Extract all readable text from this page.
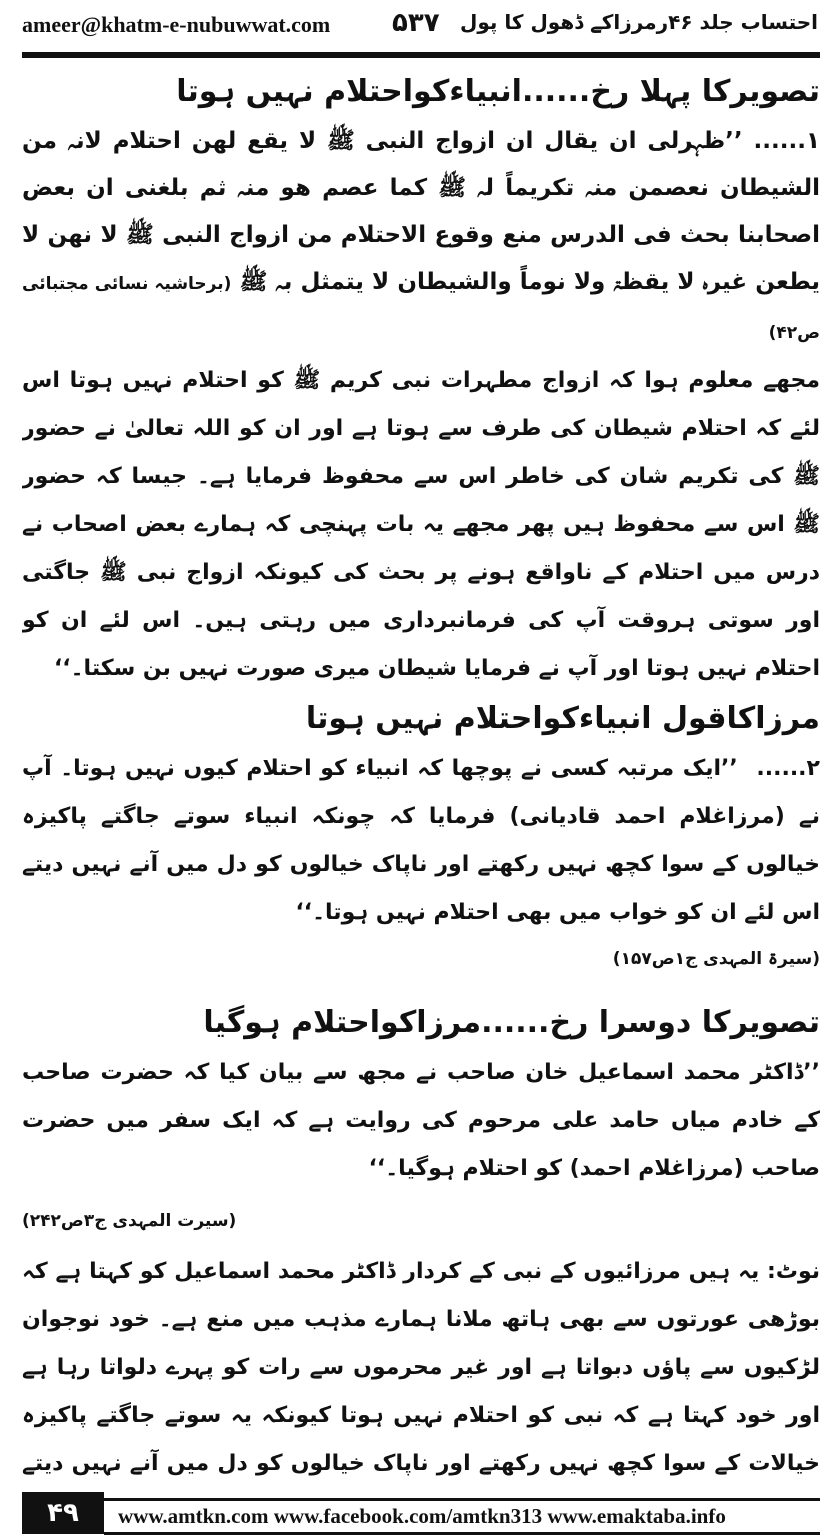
ameer@khatm-e-nubuwwat.com ۵۳۷ احتساب جلد ۴۶رمرزاکے ڈھول کا پول
تصویرکا پہلا رخ......انبیاءکواحتلام نہیں ہوتا

۱...... ’’ظہرلی ان یقال ان ازواج النبی ﷺ لا یقع لھن احتلام لانہ من الشیطان نعصمن منہ تکریماً لہ ﷺ کما عصم ھو منہ ثم بلغنی ان بعض اصحابنا بحث فی الدرس منع وقوع الاحتلام من ازواج النبی ﷺ لا نھن لا یطعن غیرہ لا یقظۃ ولا نوماً والشیطان لا یتمثل بہ ﷺ (برحاشیہ نسائی مجتبائی ص۴۲)

مجھے معلوم ہوا کہ ازواج مطہرات نبی کریم ﷺ کو احتلام نہیں ہوتا اس لئے کہ احتلام شیطان کی طرف سے ہوتا ہے اور ان کو اللہ تعالیٰ نے حضور ﷺ کی تکریم شان کی خاطر اس سے محفوظ فرمایا ہے۔ جیسا کہ حضور ﷺ اس سے محفوظ ہیں پھر مجھے یہ بات پہنچی کہ ہمارے بعض اصحاب نے درس میں احتلام کے ناواقع ہونے پر بحث کی کیونکہ ازواج نبی ﷺ جاگتی اور سوتی ہروقت آپ کی فرمانبرداری میں رہتی ہیں۔ اس لئے ان کو احتلام نہیں ہوتا اور آپ نے فرمایا شیطان میری صورت نہیں بن سکتا۔‘‘

مرزاکاقول انبیاءکواحتلام نہیں ہوتا

۲...... ’’ایک مرتبہ کسی نے پوچھا کہ انبیاء کو احتلام کیوں نہیں ہوتا۔ آپ نے (مرزاغلام احمد قادیانی) فرمایا کہ چونکہ انبیاء سوتے جاگتے پاکیزہ خیالوں کے سوا کچھ نہیں رکھتے اور ناپاک خیالوں کو دل میں آنے نہیں دیتے اس لئے ان کو خواب میں بھی احتلام نہیں ہوتا۔‘‘

(سیرۃ المہدی ج۱ص۱۵۷)

تصویرکا دوسرا رخ......مرزاکواحتلام ہوگیا

’’ڈاکٹر محمد اسماعیل خان صاحب نے مجھ سے بیان کیا کہ حضرت صاحب کے خادم میاں حامد علی مرحوم کی روایت ہے کہ ایک سفر میں حضرت صاحب (مرزاغلام احمد) کو احتلام ہوگیا۔‘‘

(سیرت المہدی ج۳ص۲۴۲)

نوٹ: یہ ہیں مرزائیوں کے نبی کے کردار ڈاکٹر محمد اسماعیل کو کہتا ہے کہ بوڑھی عورتوں سے بھی ہاتھ ملانا ہمارے مذہب میں منع ہے۔ خود نوجوان لڑکیوں سے پاؤں دبواتا ہے اور غیر محرموں سے رات کو پہرے دلواتا رہا ہے اور خود کہتا ہے کہ نبی کو احتلام نہیں ہوتا کیونکہ یہ سوتے جاگتے پاکیزہ خیالات کے سوا کچھ نہیں رکھتے اور ناپاک خیالوں کو دل میں آنے نہیں دیتے

۴۹	www.amtkn.com www.facebook.com/amtkn313 www.emaktaba.info
